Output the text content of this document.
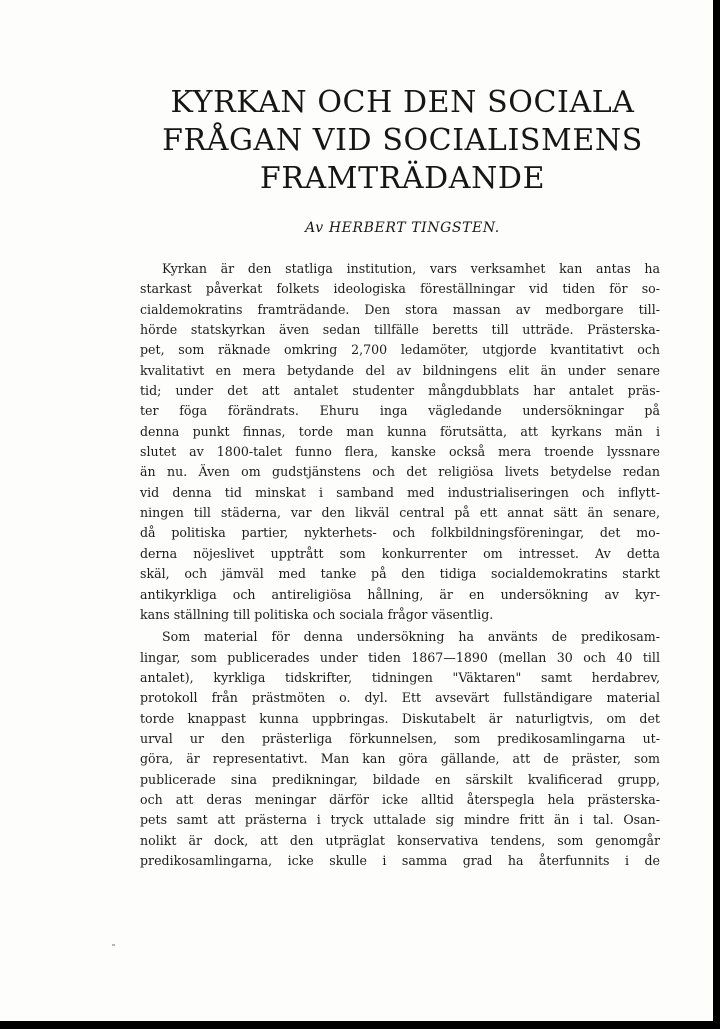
KYRKAN OCH DEN SOCIALA
FRÅGAN VID SOCIALISMENS
FRAMTRÄDANDE

Av HERBERT TINGSTEN.

Kyrkan är den statliga institution, vars verksamhet kan antas ha
starkast påverkat folkets ideologiska föreställningar vid tiden för so-
cialdemokratins framträdande. Den stora massan av medborgare till-
hörde statskyrkan även sedan tillfälle beretts till utträde. Prästerska-
pet, som räknade omkring 2,700 ledamöter, utgjorde kvantitativt och
kvalitativt en mera betydande del av bildningens elit än under senare
tid; under det att antalet studenter mångdubblats har antalet präs-
ter föga förändrats. Ehuru inga vägledande undersökningar på
denna punkt finnas, torde man kunna förutsätta, att kyrkans män i
slutet av 1800-talet funno flera, kanske också mera troende lyssnare
än nu. Även om gudstjänstens och det religiösa livets betydelse redan
vid denna tid minskat i samband med industrialiseringen och inflytt-
ningen till städerna, var den likväl central på ett annat sätt än senare,
då politiska partier, nykterhets- och folkbildningsföreningar, det mo-
derna nöjeslivet upptrått som konkurrenter om intresset. Av detta
skäl, och jämväl med tanke på den tidiga socialdemokratins starkt
antikyrkliga och antireligiösa hållning, är en undersökning av kyr-
kans ställning till politiska och sociala frågor väsentlig.
Som material för denna undersökning ha använts de predikosam-
lingar, som publicerades under tiden 1867—1890 (mellan 30 och 40 till
antalet), kyrkliga tidskrifter, tidningen "Väktaren" samt herdabrev,
protokoll från prästmöten o. dyl. Ett avsevärt fullständigare material
torde knappast kunna uppbringas. Diskutabelt är naturligtvis, om det
urval ur den prästerliga förkunnelsen, som predikosamlingarna ut-
göra, är representativt. Man kan göra gällande, att de präster, som
publicerade sina predikningar, bildade en särskilt kvalificerad grupp,
och att deras meningar därför icke alltid återspegla hela prästerska-
pets samt att prästerna i tryck uttalade sig mindre fritt än i tal. Osan-
nolikt är dock, att den utpräglat konservativa tendens, som genomgår
predikosamlingarna, icke skulle i samma grad ha återfunnits i de
